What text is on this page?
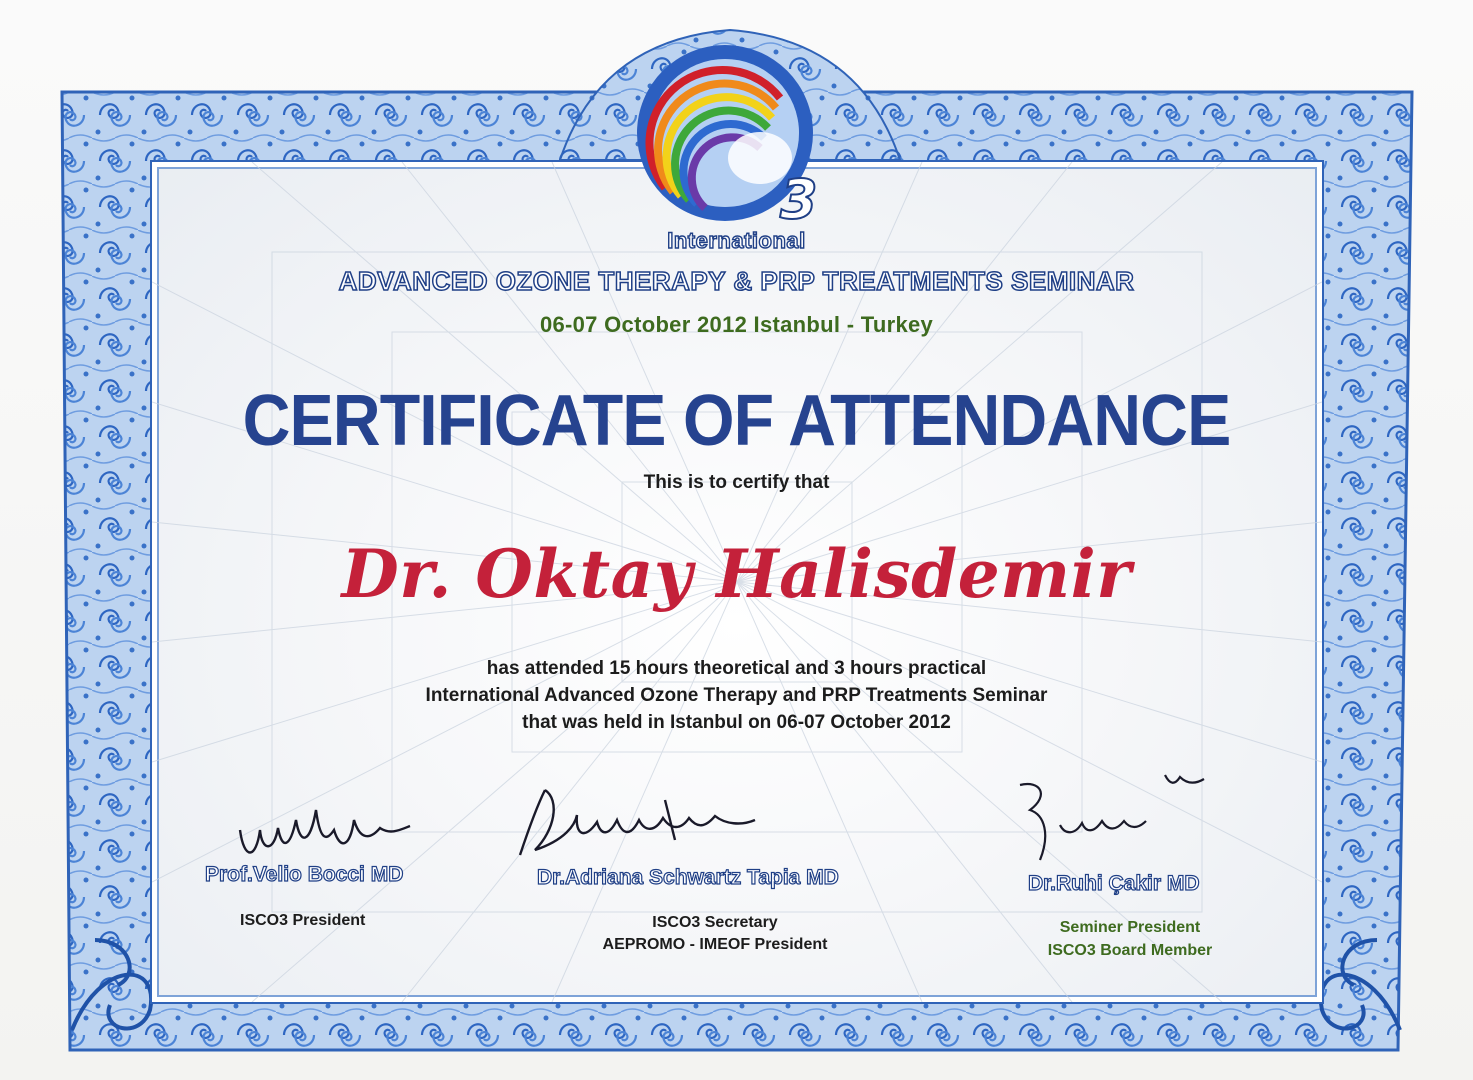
3
International
ADVANCED OZONE THERAPY & PRP TREATMENTS SEMINAR
06-07 October 2012 Istanbul - Turkey
CERTIFICATE OF ATTENDANCE
This is to certify that
Dr. Oktay Halisdemir
has attended 15 hours theoretical and 3 hours practical
International Advanced Ozone Therapy and PRP Treatments Seminar
that was held in Istanbul on 06-07 October 2012
Prof.Velio Bocci MD
ISCO3 President
Dr.Adriana Schwartz Tapia MD
ISCO3 Secretary
AEPROMO - IMEOF President
Dr.Ruhi Çakir MD
Seminer President
ISCO3 Board Member
